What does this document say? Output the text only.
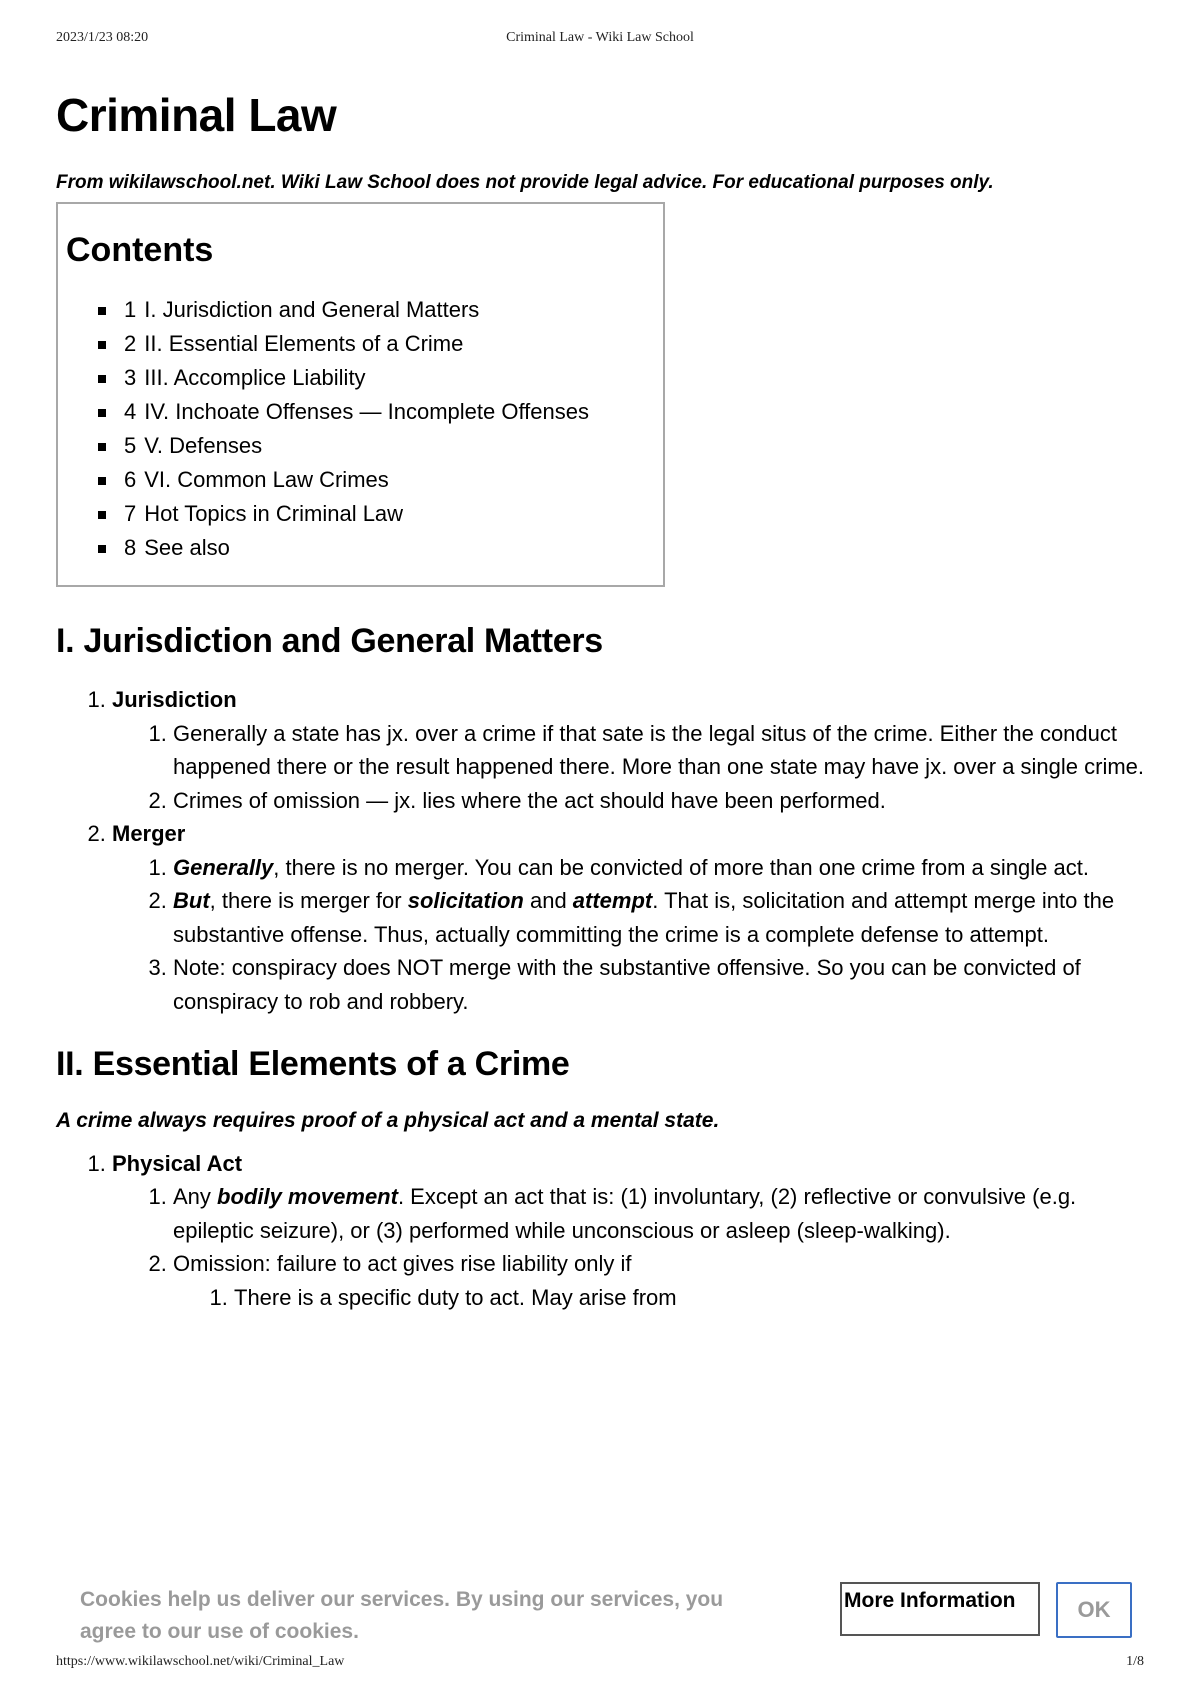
2023/1/23 08:20	Criminal Law - Wiki Law School
Criminal Law

From wikilawschool.net. Wiki Law School does not provide legal advice. For educational purposes only.

Contents
1 I. Jurisdiction and General Matters
2 II. Essential Elements of a Crime
3 III. Accomplice Liability
4 IV. Inchoate Offenses — Incomplete Offenses
5 V. Defenses
6 VI. Common Law Crimes
7 Hot Topics in Criminal Law
8 See also
I. Jurisdiction and General Matters
1. Jurisdiction
1. Generally a state has jx. over a crime if that sate is the legal situs of the crime. Either the conduct happened there or the result happened there. More than one state may have jx. over a single crime.
2. Crimes of omission — jx. lies where the act should have been performed.
2. Merger
1. Generally, there is no merger. You can be convicted of more than one crime from a single act.
2. But, there is merger for solicitation and attempt. That is, solicitation and attempt merge into the substantive offense. Thus, actually committing the crime is a complete defense to attempt.
3. Note: conspiracy does NOT merge with the substantive offensive. So you can be convicted of conspiracy to rob and robbery.
II. Essential Elements of a Crime

A crime always requires proof of a physical act and a mental state.

1. Physical Act
1. Any bodily movement. Except an act that is: (1) involuntary, (2) reflective or convulsive (e.g. epileptic seizure), or (3) performed while unconscious or asleep (sleep-walking).
2. Omission: failure to act gives rise liability only if
1. There is a specific duty to act. May arise from
Cookies help us deliver our services. By using our services, you agree to our use of cookies.
More Information	OK
https://www.wikilawschool.net/wiki/Criminal_Law	1/8
